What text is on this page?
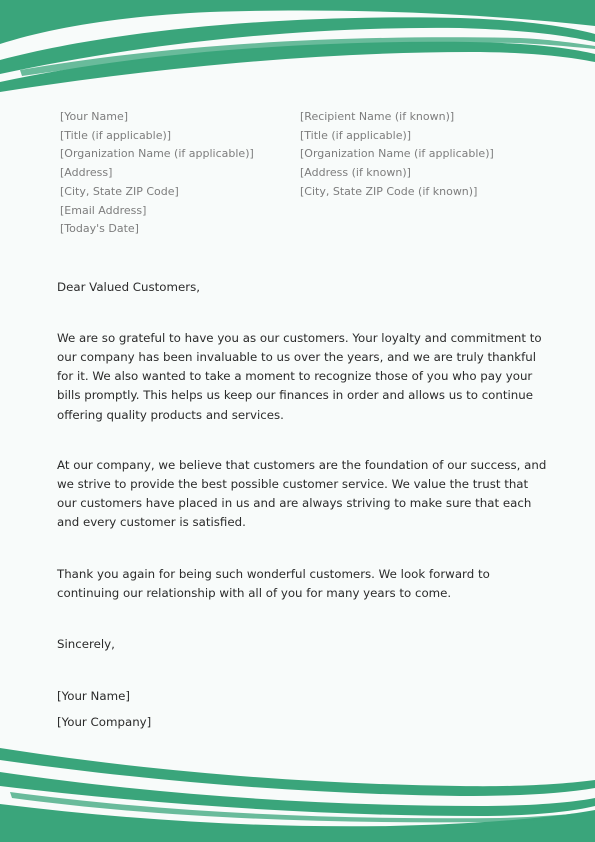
[Your Name]
[Title (if applicable)]
[Organization Name (if applicable)]
[Address]
[City, State ZIP Code]
[Email Address]
[Today's Date]
[Recipient Name (if known)]
[Title (if applicable)]
[Organization Name (if applicable)]
[Address (if known)]
[City, State ZIP Code (if known)]

Dear Valued Customers,

We are so grateful to have you as our customers. Your loyalty and commitment to our company has been invaluable to us over the years, and we are truly thankful for it. We also wanted to take a moment to recognize those of you who pay your bills promptly. This helps us keep our finances in order and allows us to continue offering quality products and services.

At our company, we believe that customers are the foundation of our success, and we strive to provide the best possible customer service. We value the trust that our customers have placed in us and are always striving to make sure that each and every customer is satisfied.

Thank you again for being such wonderful customers. We look forward to continuing our relationship with all of you for many years to come.

Sincerely,

[Your Name]

[Your Company]
